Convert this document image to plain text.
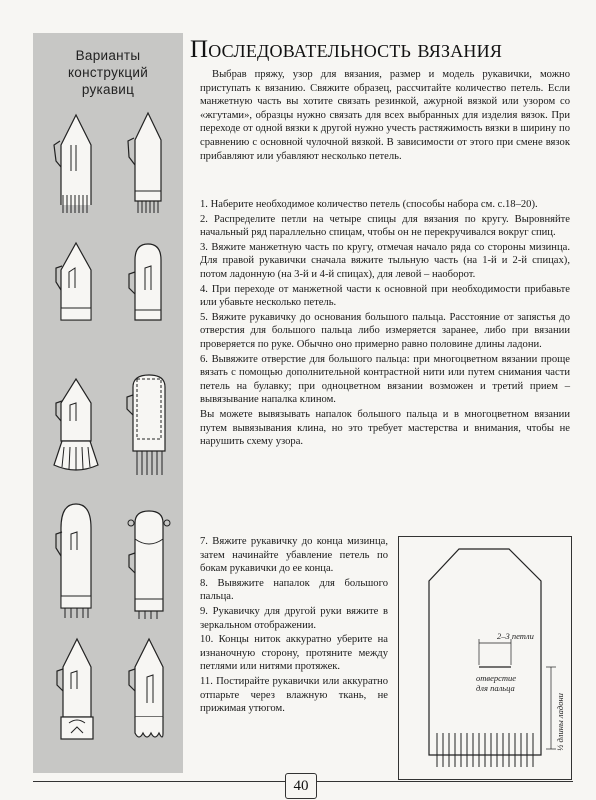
Варианты
конструкций
рукавиц
Последовательность вязания
Выбрав пряжу, узор для вязания, размер и модель рукавички, можно приступать к вязанию. Свяжите образец, рассчитайте количество петель. Если манжетную часть вы хотите связать резинкой, ажурной вязкой или узором со «жгутами», образцы нужно связать для всех выбранных для изделия вязок. При переходе от одной вязки к другой нужно учесть растяжимость вязки в ширину по сравнению с основной чулочной вязкой. В зависимости от этого при смене вязок прибавляют или убавляют несколько петель.

1. Наберите необходимое количество петель (способы набора см. с.18–20).

2. Распределите петли на четыре спицы для вязания по кругу. Выровняйте начальный ряд параллельно спицам, чтобы он не перекручивался вокруг спиц.

3. Вяжите манжетную часть по кругу, отмечая начало ряда со стороны мизинца. Для правой рукавички сначала вяжите тыльную часть (на 1-й и 2-й спицах), потом ладонную (на 3-й и 4-й спицах), для левой – наоборот.

4. При переходе от манжетной части к основной при необходимости прибавьте или убавьте несколько петель.

5. Вяжите рукавичку до основания большого пальца. Расстояние от запястья до отверстия для большого пальца либо измеряется заранее, либо при вязании проверяется по руке. Обычно оно примерно равно половине длины ладони.

6. Вывяжите отверстие для большого пальца: при многоцветном вязании проще вязать с помощью дополнительной контрастной нити или путем снимания части петель на булавку; при одноцветном вязании возможен и третий прием – вывязывание напалка клином.

Вы можете вывязывать напалок большого пальца и в многоцветном вязании путем вывязывания клина, но это требует мастерства и внимания, чтобы не нарушить схему узора.

7. Вяжите рукавичку до конца мизинца, затем начинайте убавление петель по бокам рукавички до ее конца.

8. Вывяжите напалок для большого пальца.

9. Рукавичку для другой руки вяжите в зеркальном отображении.

10. Концы ниток аккуратно уберите на изнаночную сторону, протяните между петлями или нитями протяжек.

11. Постирайте рукавички или аккуратно отпарьте через влажную ткань, не прижимая утюгом.

2–3 петли
отверстие
для пальца
½ длины ладони
40
